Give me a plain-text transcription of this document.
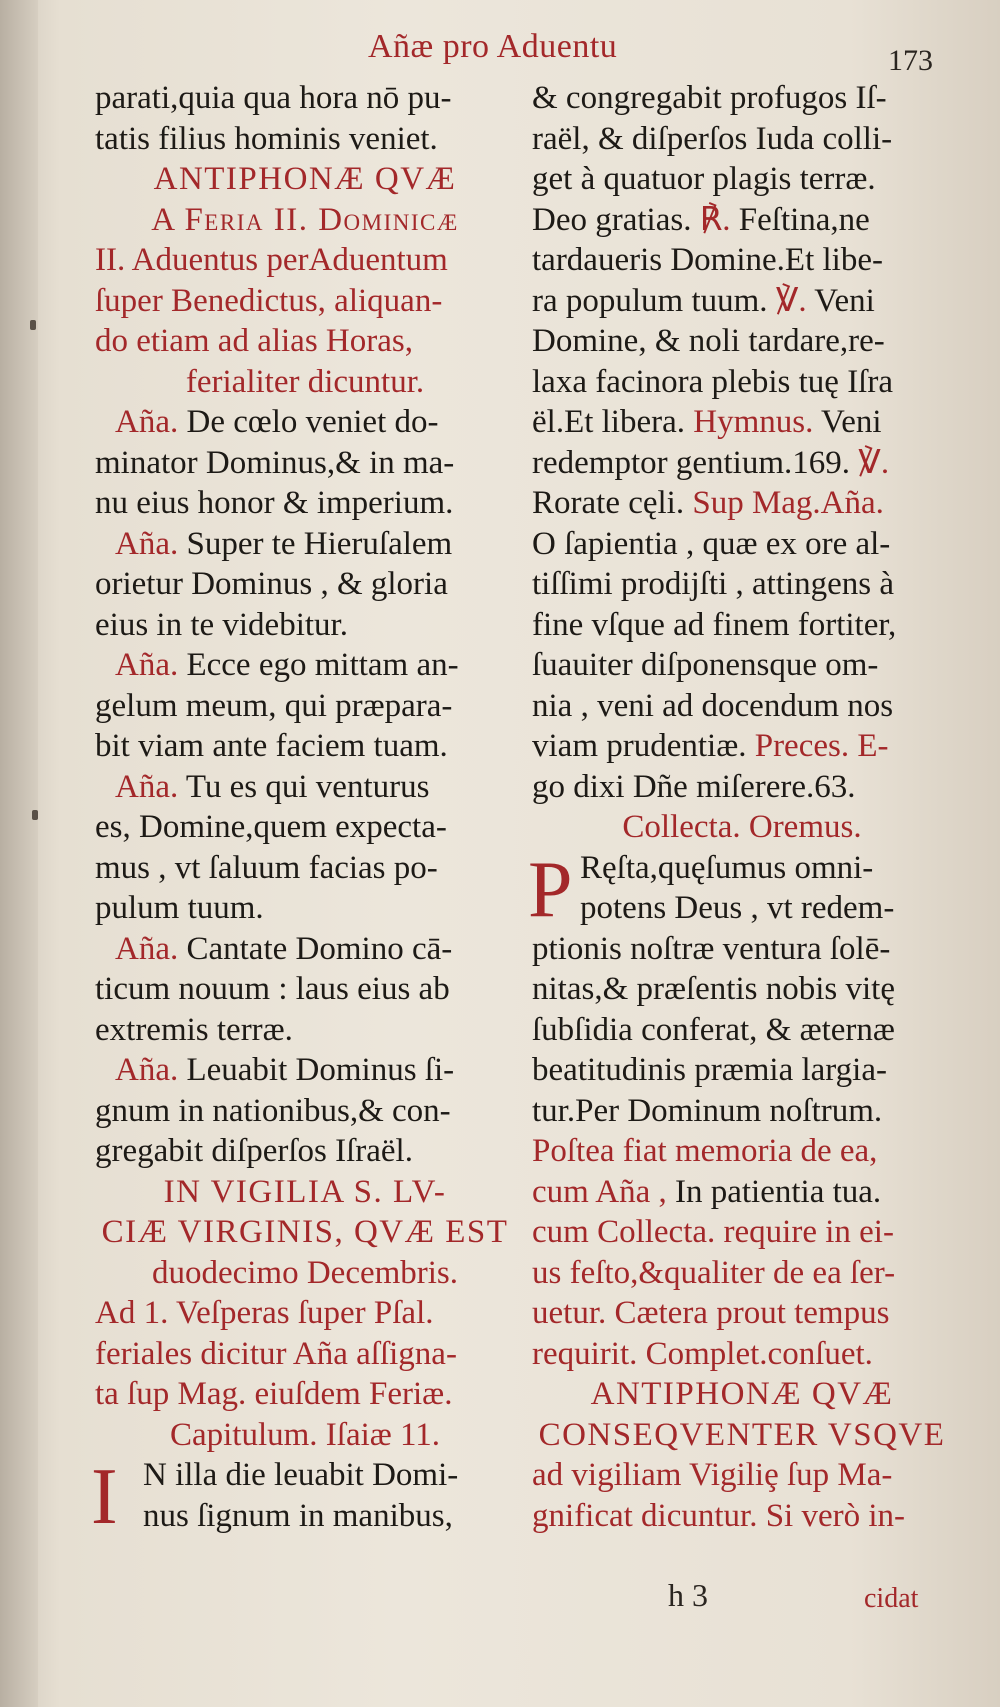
Añæ pro Aduentu	173
parati,quia qua hora nō pu-
tatis filius hominis veniet.
ANTIPHONÆ QVÆ
A Feria II. Dominicæ
II. Aduentus perAduentum
ſuper Benedictus, aliquan-
do etiam ad alias Horas,
ferialiter dicuntur.
Aña. De cœlo veniet do-
minator Dominus,& in ma-
nu eius honor & imperium.
Aña. Super te Hieruſalem
orietur Dominus , & gloria
eius in te videbitur.
Aña. Ecce ego mittam an-
gelum meum, qui præpara-
bit viam ante faciem tuam.
Aña. Tu es qui venturus
es, Domine,quem expecta-
mus , vt ſaluum facias po-
pulum tuum.
Aña. Cantate Domino cā-
ticum nouum : laus eius ab
extremis terræ.
Aña. Leuabit Dominus ſi-
gnum in nationibus,& con-
gregabit diſperſos Iſraël.
IN VIGILIA S. LV-
CIÆ VIRGINIS, QVÆ EST
duodecimo Decembris.
Ad 1. Veſperas ſuper Pſal.
feriales dicitur Aña aſſigna-
ta ſup Mag. eiuſdem Feriæ.
Capitulum. Iſaiæ 11.
I N illa die leuabit Domi-
nus ſignum in manibus,
& congregabit profugos Iſ-
raël, & diſperſos Iuda colli-
get à quatuor plagis terræ.
Deo gratias. ℟. Feſtina,ne
tardaueris Domine.Et libe-
ra populum tuum. ℣. Veni
Domine, & noli tardare,re-
laxa facinora plebis tuę Iſra
ël.Et libera. Hymnus. Veni
redemptor gentium.169. ℣.
Rorate cęli. Sup Mag.Aña.
O ſapientia , quæ ex ore al-
tiſſimi prodijſti , attingens à
fine vſque ad finem fortiter,
ſuauiter diſponensque om-
nia , veni ad docendum nos
viam prudentiæ. Preces. E-
go dixi Dñe miſerere.63.
Collecta. Oremus.
P Ręſta,quęſumus omni-
potens Deus , vt redem-
ptionis noſtræ ventura ſolē-
nitas,& præſentis nobis vitę
ſubſidia conferat, & æternæ
beatitudinis præmia largia-
tur.Per Dominum noſtrum.
Poſtea fiat memoria de ea,
cum Aña , In patientia tua.
cum Collecta. require in ei-
us feſto,&qualiter de ea ſer-
uetur. Cætera prout tempus
requirit. Complet.conſuet.
ANTIPHONÆ QVÆ
CONSEQVENTER VSQVE
ad vigiliam Vigiliȩ ſup Ma-
gnificat dicuntur. Si verò in-
h 3	cidat
